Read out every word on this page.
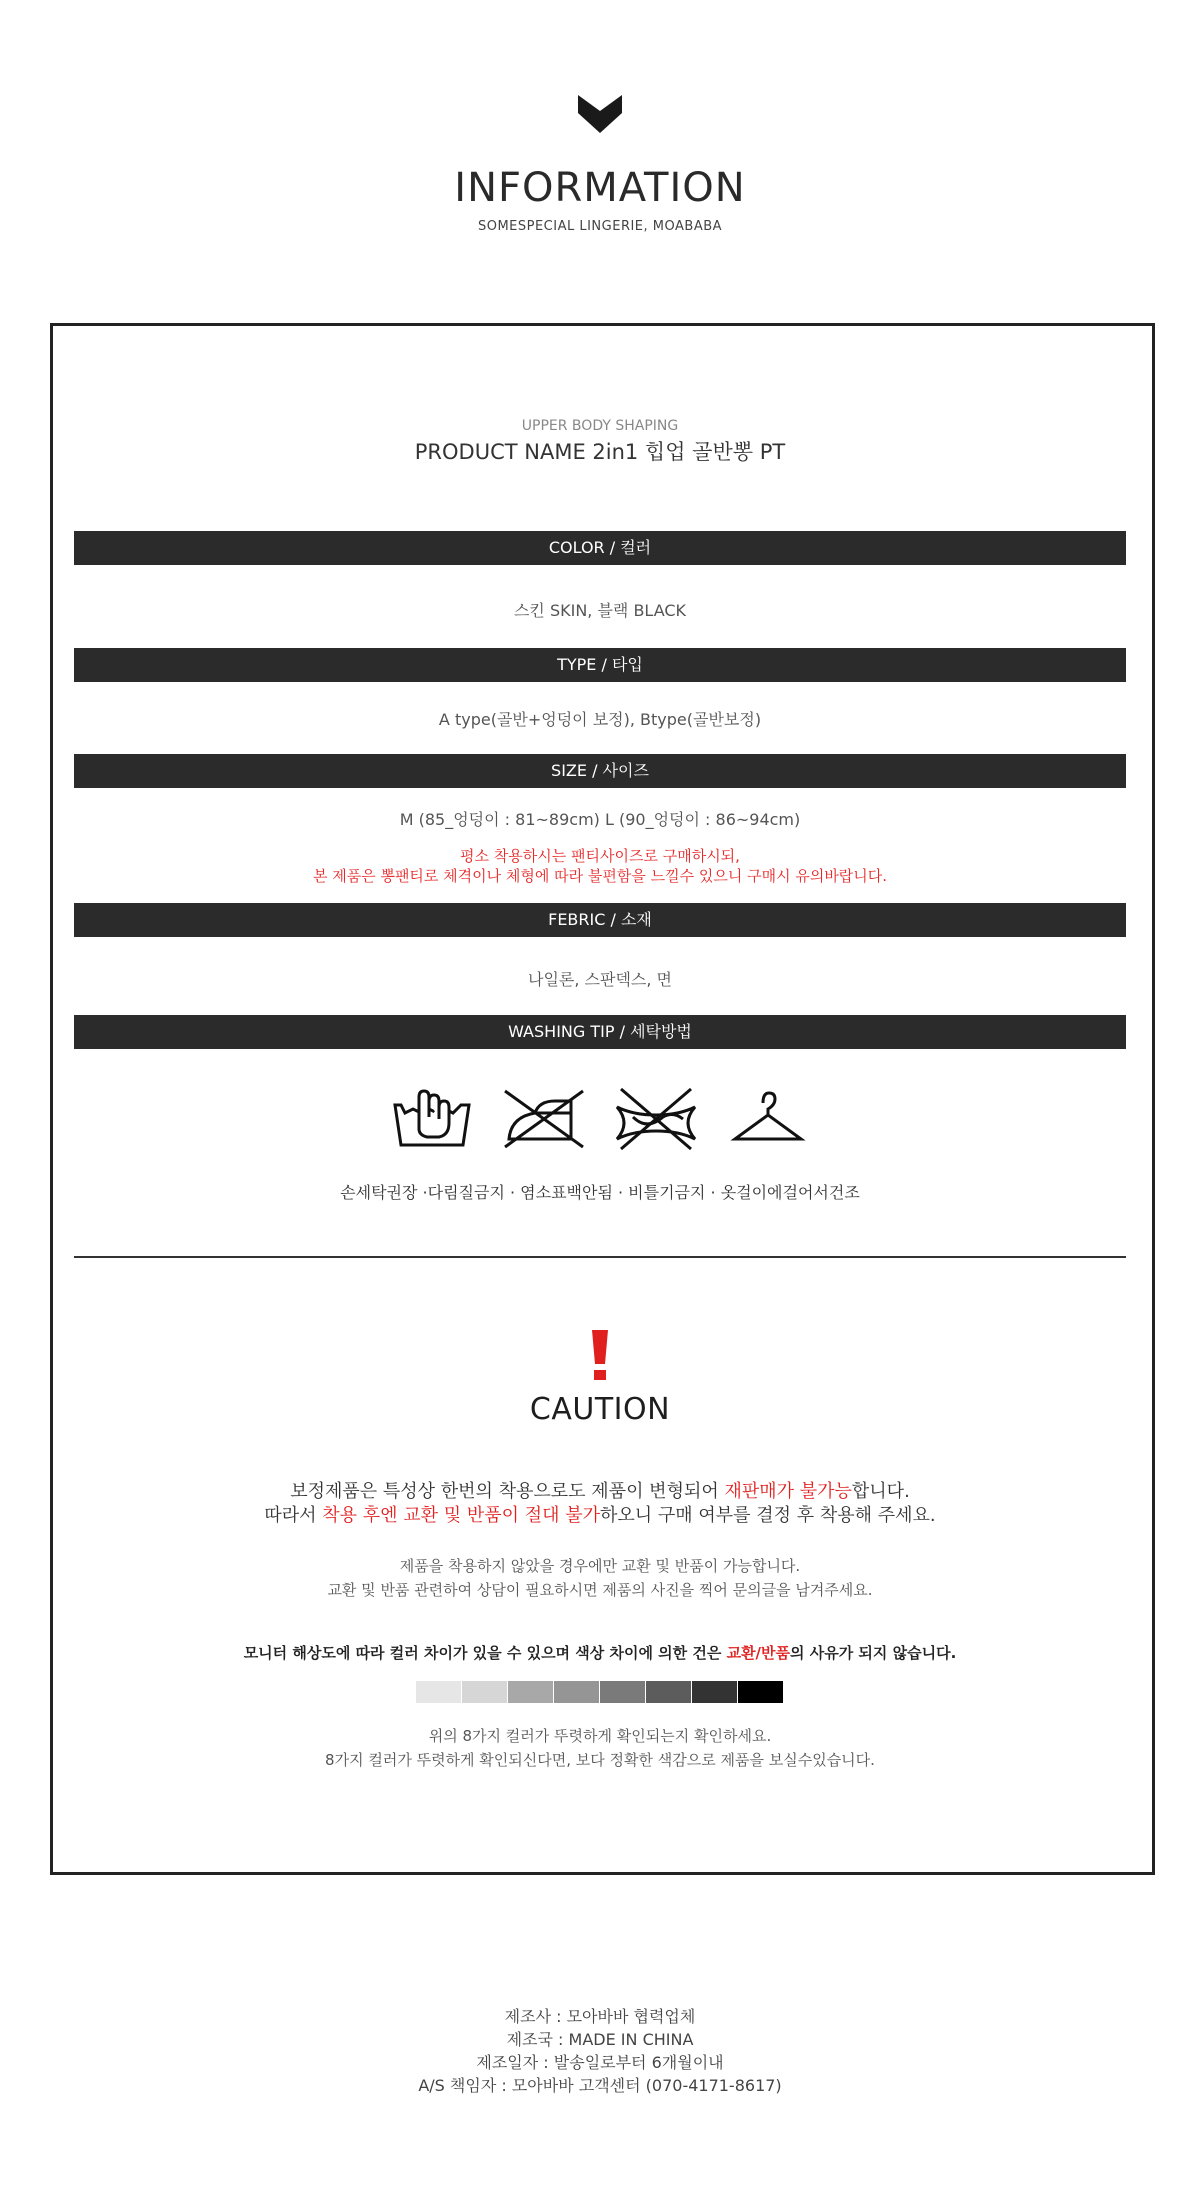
INFORMATION
SOMESPECIAL LINGERIE, MOABABA
UPPER BODY SHAPING
PRODUCT NAME 2in1 힙업 골반뽕 PT
COLOR / 컬러
스킨 SKIN, 블랙 BLACK
TYPE / 타입
A type(골반+엉덩이 보정), Btype(골반보정)
SIZE / 사이즈
M (85_엉덩이 : 81~89cm) L (90_엉덩이 : 86~94cm)
평소 착용하시는 팬티사이즈로 구매하시되,
본 제품은 뽕팬티로 체격이나 체형에 따라 불편함을 느낄수 있으니 구매시 유의바랍니다.
FEBRIC / 소재
나일론, 스판덱스, 면
WASHING TIP / 세탁방법
손세탁권장 ·다림질금지 · 염소표백안됨 · 비틀기금지 · 옷걸이에걸어서건조
CAUTION
보정제품은 특성상 한번의 착용으로도 제품이 변형되어 재판매가 불가능합니다.
따라서 착용 후엔 교환 및 반품이 절대 불가하오니 구매 여부를 결정 후 착용해 주세요.
제품을 착용하지 않았을 경우에만 교환 및 반품이 가능합니다.
교환 및 반품 관련하여 상담이 필요하시면 제품의 사진을 찍어 문의글을 남겨주세요.
모니터 해상도에 따라 컬러 차이가 있을 수 있으며 색상 차이에 의한 건은 교환/반품의 사유가 되지 않습니다.
위의 8가지 컬러가 뚜렷하게 확인되는지 확인하세요.
8가지 컬러가 뚜렷하게 확인되신다면, 보다 정확한 색감으로 제품을 보실수있습니다.
제조사 : 모아바바 협력업체
제조국 : MADE IN CHINA
제조일자 : 발송일로부터 6개월이내
A/S 책임자 : 모아바바 고객센터 (070-4171-8617)
